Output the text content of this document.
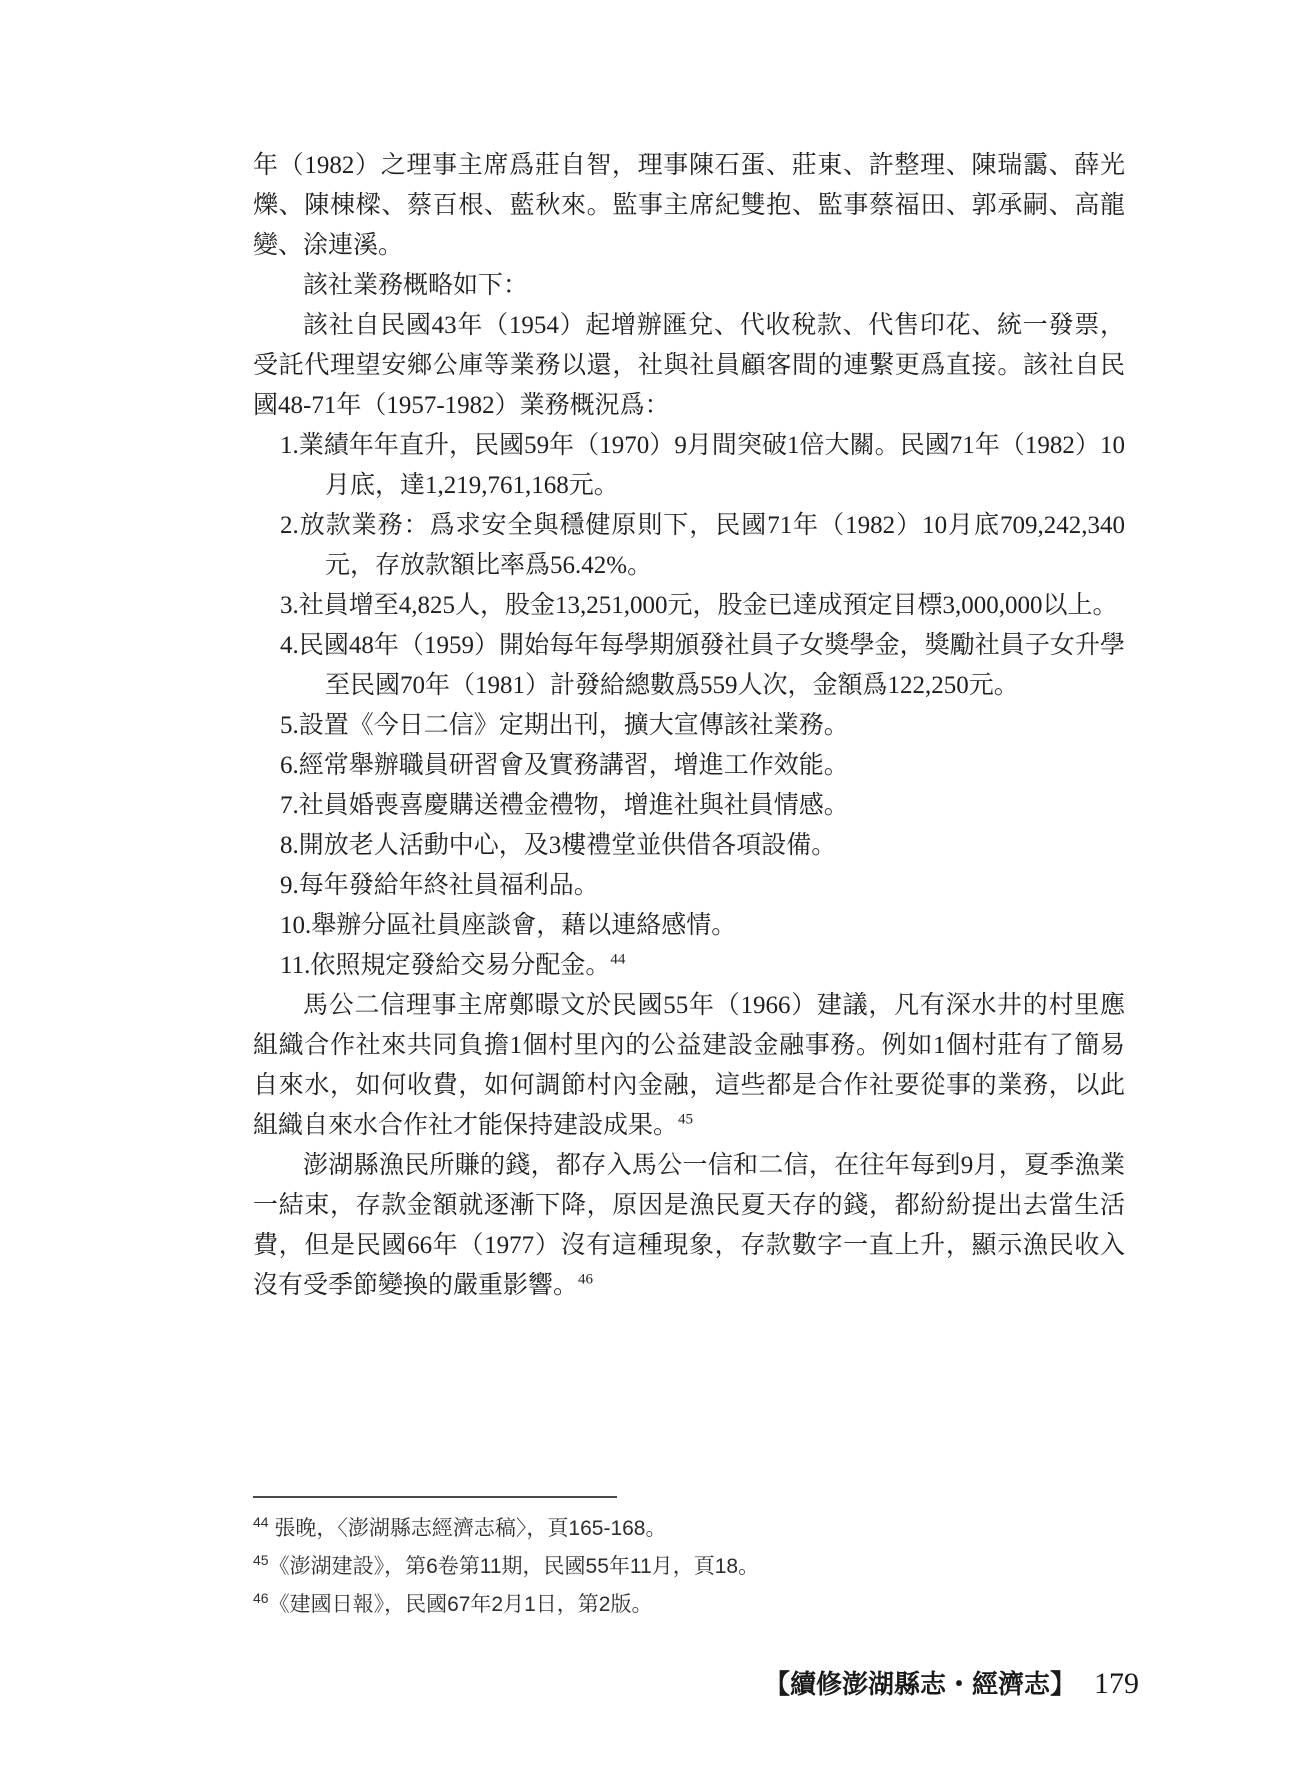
年（1982）之理事主席爲莊自智，理事陳石蛋、莊東、許整理、陳瑞靄、薛光爍、陳棟樑、蔡百根、藍秋來。監事主席紀雙抱、監事蔡福田、郭承嗣、高龍變、涂連溪。

該社業務概略如下：

該社自民國43年（1954）起增辦匯兌、代收稅款、代售印花、統一發票，受託代理望安鄉公庫等業務以還，社與社員顧客間的連繫更爲直接。該社自民國48-71年（1957-1982）業務概況爲：

1.業績年年直升，民國59年（1970）9月間突破1倍大關。民國71年（1982）10月底，達1,219,761,168元。

2.放款業務：爲求安全與穩健原則下，民國71年（1982）10月底709,242,340元，存放款額比率爲56.42%。

3.社員增至4,825人，股金13,251,000元，股金已達成預定目標3,000,000以上。

4.民國48年（1959）開始每年每學期頒發社員子女獎學金，獎勵社員子女升學至民國70年（1981）計發給總數爲559人次，金額爲122,250元。

5.設置《今日二信》定期出刊，擴大宣傳該社業務。

6.經常舉辦職員研習會及實務講習，增進工作效能。

7.社員婚喪喜慶購送禮金禮物，增進社與社員情感。

8.開放老人活動中心，及3樓禮堂並供借各項設備。

9.每年發給年終社員福利品。

10.舉辦分區社員座談會，藉以連絡感情。

11.依照規定發給交易分配金。$^{44}$

馬公二信理事主席鄭暻文於民國55年（1966）建議，凡有深水井的村里應組織合作社來共同負擔1個村里內的公益建設金融事務。例如1個村莊有了簡易自來水，如何收費，如何調節村內金融，這些都是合作社要從事的業務，以此組織自來水合作社才能保持建設成果。$^{45}$

澎湖縣漁民所賺的錢，都存入馬公一信和二信，在往年每到9月，夏季漁業一結束，存款金額就逐漸下降，原因是漁民夏天存的錢，都紛紛提出去當生活費，但是民國66年（1977）沒有這種現象，存款數字一直上升，顯示漁民收入沒有受季節變換的嚴重影響。$^{46}$

$^{44}$ 張晚，〈澎湖縣志經濟志稿〉，頁165-168。

$^{45}$《澎湖建設》，第6卷第11期，民國55年11月，頁18。

$^{46}$《建國日報》，民國67年2月1日，第2版。

【續修澎湖縣志・經濟志】 179
